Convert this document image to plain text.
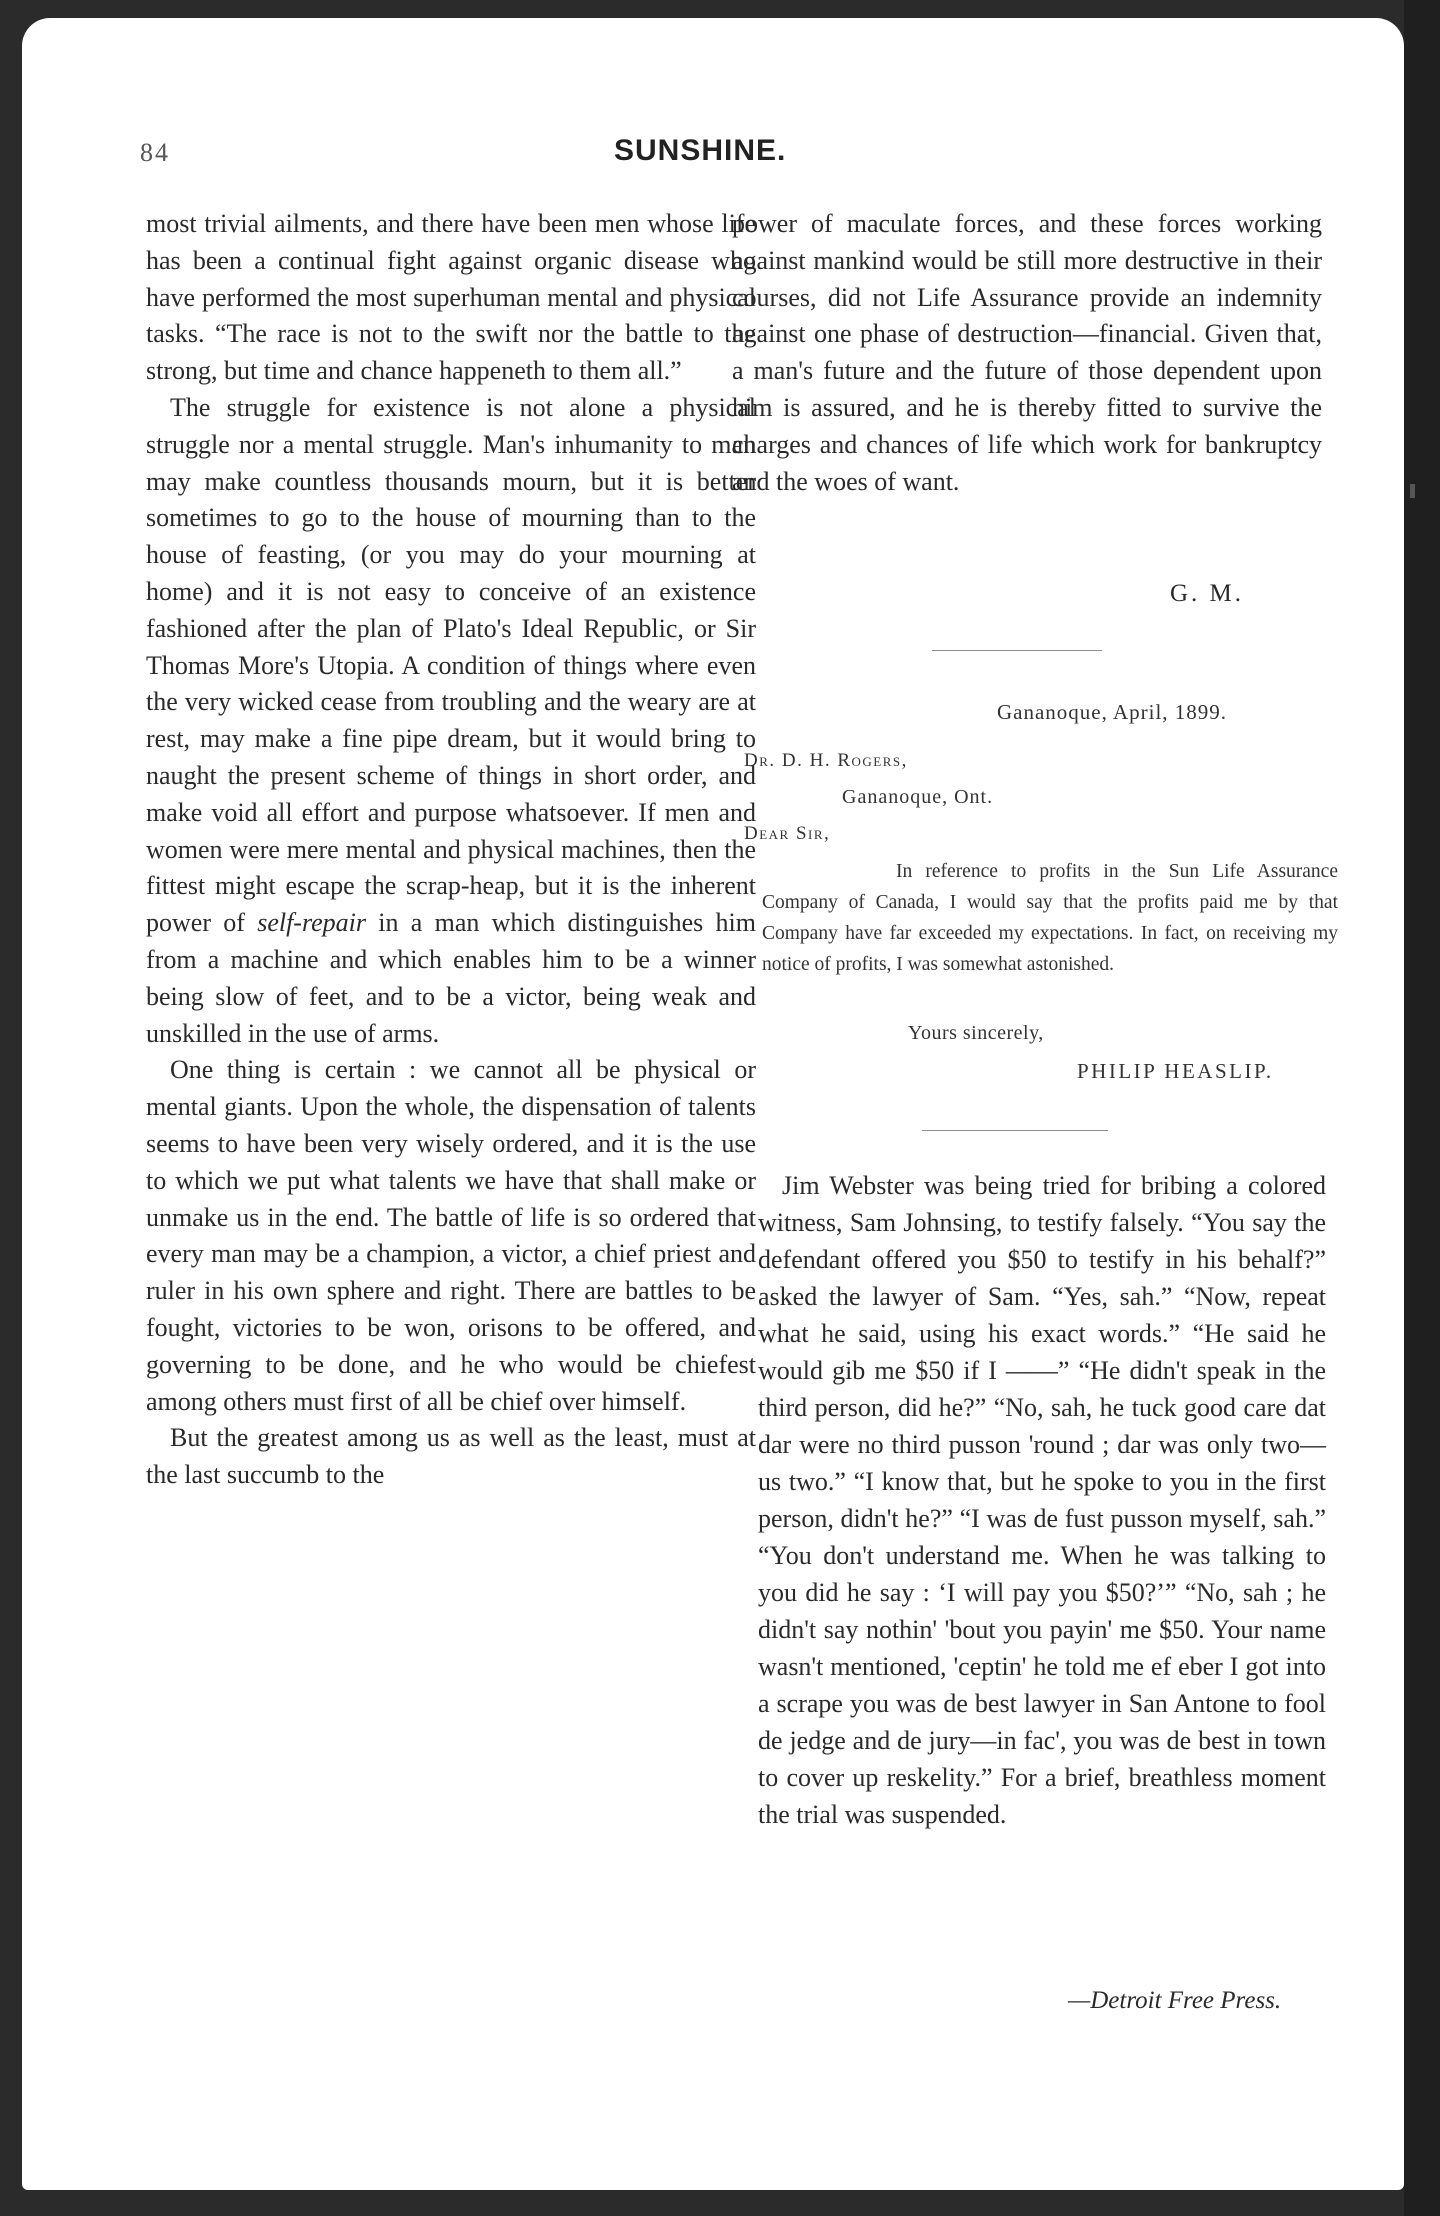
84	SUNSHINE.

most trivial ailments, and there have been men whose life has been a continual fight against organic disease who have performed the most superhuman mental and physical tasks. “The race is not to the swift nor the battle to the strong, but time and chance happeneth to them all.”

The struggle for existence is not alone a physical struggle nor a mental struggle. Man's inhumanity to man may make countless thousands mourn, but it is better sometimes to go to the house of mourning than to the house of feasting, (or you may do your mourning at home) and it is not easy to conceive of an existence fashioned after the plan of Plato's Ideal Republic, or Sir Thomas More's Utopia. A condition of things where even the very wicked cease from troubling and the weary are at rest, may make a fine pipe dream, but it would bring to naught the present scheme of things in short order, and make void all effort and purpose whatsoever. If men and women were mere mental and physical machines, then the fittest might escape the scrap-heap, but it is the inherent power of self-repair in a man which distinguishes him from a machine and which enables him to be a winner being slow of feet, and to be a victor, being weak and unskilled in the use of arms.

One thing is certain : we cannot all be physical or mental giants. Upon the whole, the dispensation of talents seems to have been very wisely ordered, and it is the use to which we put what talents we have that shall make or unmake us in the end. The battle of life is so ordered that every man may be a champion, a victor, a chief priest and ruler in his own sphere and right. There are battles to be fought, victories to be won, orisons to be offered, and governing to be done, and he who would be chiefest among others must first of all be chief over himself.

But the greatest among us as well as the least, must at the last succumb to the

power of maculate forces, and these forces working against mankind would be still more destructive in their courses, did not Life Assurance provide an indemnity against one phase of destruction—financial. Given that, a man's future and the future of those dependent upon him is assured, and he is thereby fitted to survive the charges and chances of life which work for bankruptcy and the woes of want.

G. M.
Gananoque, April, 1899.
Dr. D. H. Rogers,
Gananoque, Ont.
Dear Sir,

In reference to profits in the Sun Life Assurance Company of Canada, I would say that the profits paid me by that Company have far exceeded my expectations. In fact, on receiving my notice of profits, I was somewhat astonished.

Yours sincerely,
PHILIP HEASLIP.

Jim Webster was being tried for bribing a colored witness, Sam Johnsing, to testify falsely. “You say the defendant offered you $50 to testify in his behalf?” asked the lawyer of Sam. “Yes, sah.” “Now, repeat what he said, using his exact words.” “He said he would gib me $50 if I ——” “He didn't speak in the third person, did he?” “No, sah, he tuck good care dat dar were no third pusson 'round ; dar was only two—us two.” “I know that, but he spoke to you in the first person, didn't he?” “I was de fust pusson myself, sah.” “You don't understand me. When he was talking to you did he say : ‘I will pay you $50?’” “No, sah ; he didn't say nothin' 'bout you payin' me $50. Your name wasn't mentioned, 'ceptin' he told me ef eber I got into a scrape you was de best lawyer in San Antone to fool de jedge and de jury—in fac', you was de best in town to cover up reskelity.” For a brief, breathless moment the trial was suspended.

—Detroit Free Press.
